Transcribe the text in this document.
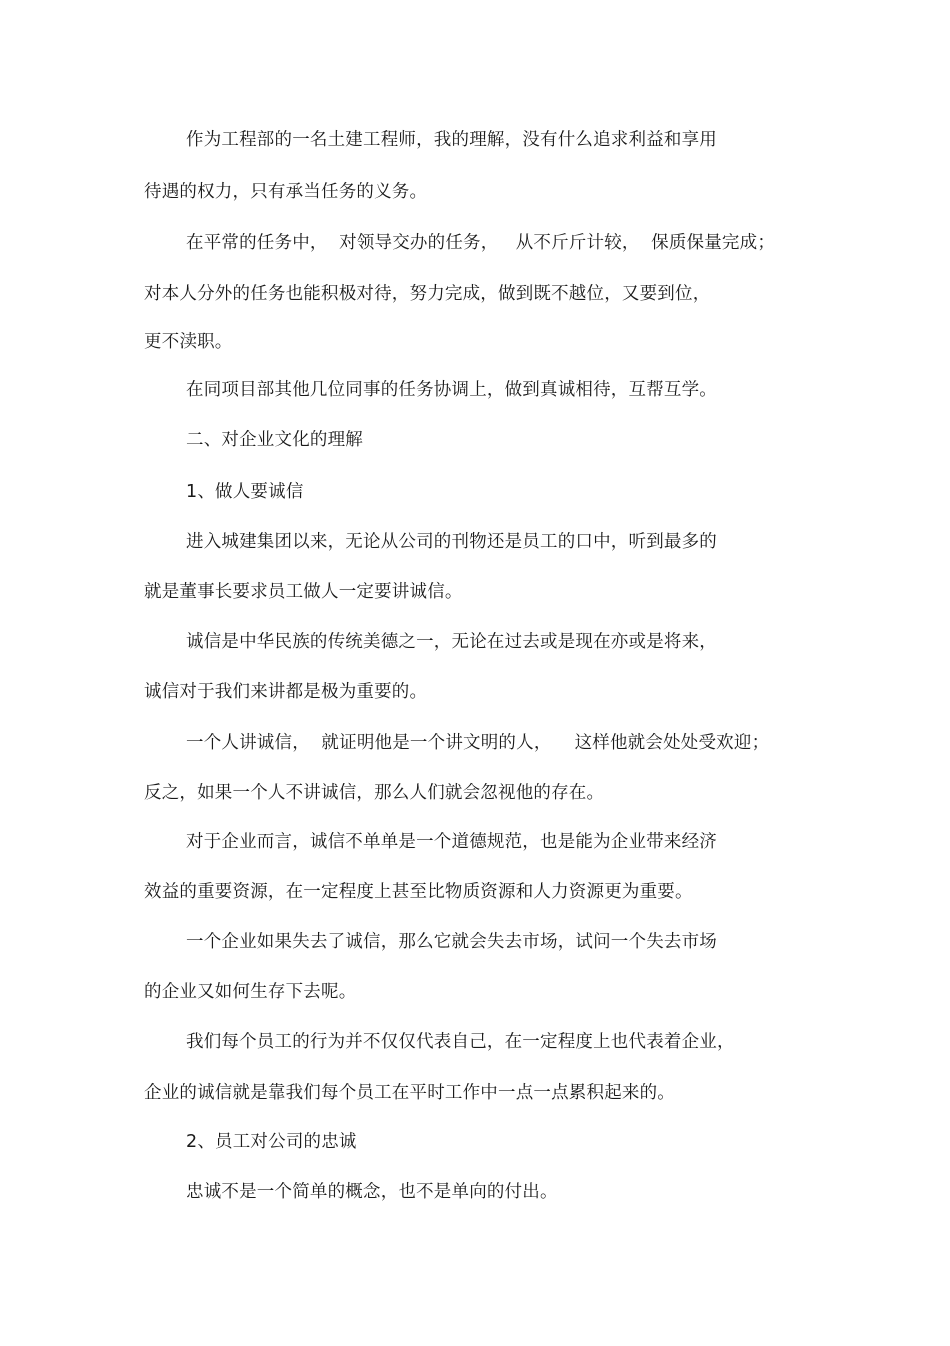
作为工程部的一名土建工程师，我的理解，没有什么追求利益和享用
待遇的权力，只有承当任务的义务。
在平常的任务中，  对领导交办的任务，   从不斤斤计较，  保质保量完成；
对本人分外的任务也能积极对待，努力完成，做到既不越位，又要到位，
更不渎职。
在同项目部其他几位同事的任务协调上，做到真诚相待，互帮互学。
二、对企业文化的理解
1、做人要诚信
进入城建集团以来，无论从公司的刊物还是员工的口中，听到最多的
就是董事长要求员工做人一定要讲诚信。
诚信是中华民族的传统美德之一，无论在过去或是现在亦或是将来，
诚信对于我们来讲都是极为重要的。
一个人讲诚信，  就证明他是一个讲文明的人，    这样他就会处处受欢迎；
反之，如果一个人不讲诚信，那么人们就会忽视他的存在。
对于企业而言，诚信不单单是一个道德规范，也是能为企业带来经济
效益的重要资源，在一定程度上甚至比物质资源和人力资源更为重要。
一个企业如果失去了诚信，那么它就会失去市场，试问一个失去市场
的企业又如何生存下去呢。
我们每个员工的行为并不仅仅代表自己，在一定程度上也代表着企业，
企业的诚信就是靠我们每个员工在平时工作中一点一点累积起来的。
2、员工对公司的忠诚
忠诚不是一个简单的概念，也不是单向的付出。
